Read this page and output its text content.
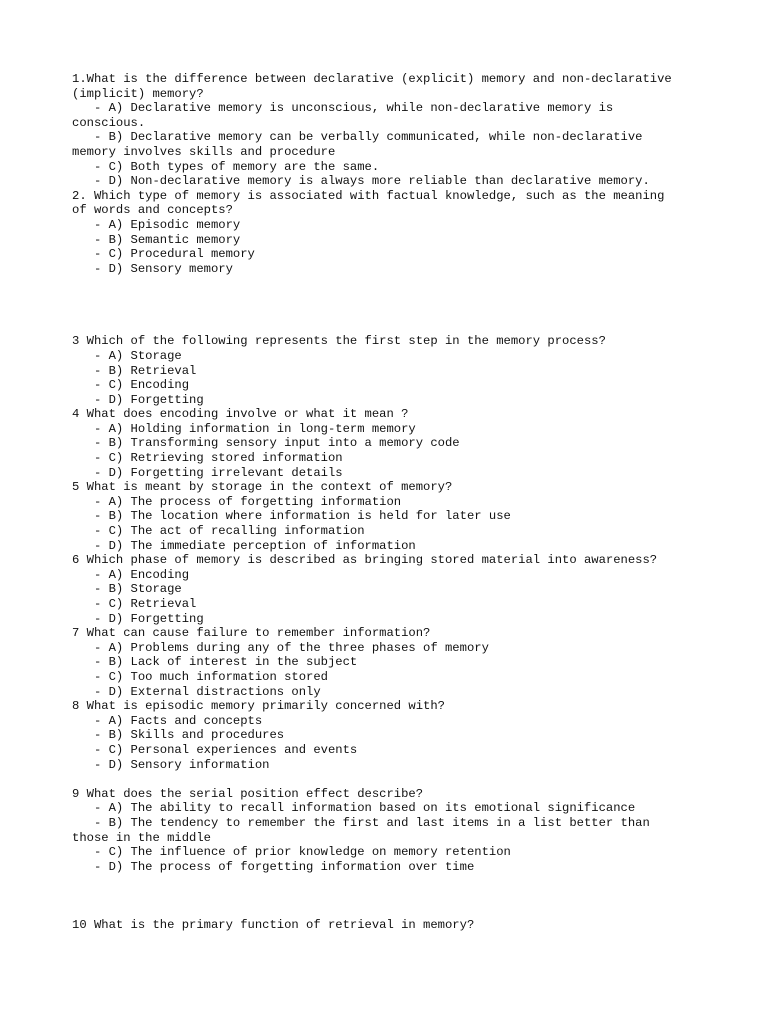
1.What is the difference between declarative (explicit) memory and non-declarative
(implicit) memory?
- A) Declarative memory is unconscious, while non-declarative memory is
conscious.
- B) Declarative memory can be verbally communicated, while non-declarative
memory involves skills and procedure
- C) Both types of memory are the same.
- D) Non-declarative memory is always more reliable than declarative memory.
2. Which type of memory is associated with factual knowledge, such as the meaning
of words and concepts?
- A) Episodic memory
- B) Semantic memory
- C) Procedural memory
- D) Sensory memory
3 Which of the following represents the first step in the memory process?
- A) Storage
- B) Retrieval
- C) Encoding
- D) Forgetting
4 What does encoding involve or what it mean ?
- A) Holding information in long-term memory
- B) Transforming sensory input into a memory code
- C) Retrieving stored information
- D) Forgetting irrelevant details
5 What is meant by storage in the context of memory?
- A) The process of forgetting information
- B) The location where information is held for later use
- C) The act of recalling information
- D) The immediate perception of information
6 Which phase of memory is described as bringing stored material into awareness?
- A) Encoding
- B) Storage
- C) Retrieval
- D) Forgetting
7 What can cause failure to remember information?
- A) Problems during any of the three phases of memory
- B) Lack of interest in the subject
- C) Too much information stored
- D) External distractions only
8 What is episodic memory primarily concerned with?
- A) Facts and concepts
- B) Skills and procedures
- C) Personal experiences and events
- D) Sensory information
9 What does the serial position effect describe?
- A) The ability to recall information based on its emotional significance
- B) The tendency to remember the first and last items in a list better than
those in the middle
- C) The influence of prior knowledge on memory retention
- D) The process of forgetting information over time
10 What is the primary function of retrieval in memory?
